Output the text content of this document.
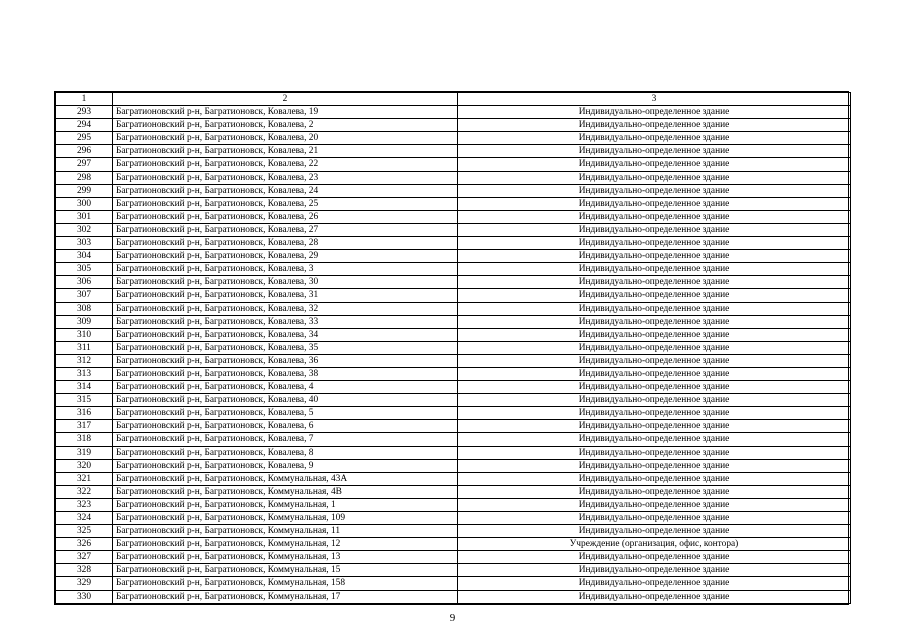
1	2	3
293	Багратионовский р-н, Багратионовск, Ковалева, 19	Индивидуально-определенное здание
294	Багратионовский р-н, Багратионовск, Ковалева, 2	Индивидуально-определенное здание
295	Багратионовский р-н, Багратионовск, Ковалева, 20	Индивидуально-определенное здание
296	Багратионовский р-н, Багратионовск, Ковалева, 21	Индивидуально-определенное здание
297	Багратионовский р-н, Багратионовск, Ковалева, 22	Индивидуально-определенное здание
298	Багратионовский р-н, Багратионовск, Ковалева, 23	Индивидуально-определенное здание
299	Багратионовский р-н, Багратионовск, Ковалева, 24	Индивидуально-определенное здание
300	Багратионовский р-н, Багратионовск, Ковалева, 25	Индивидуально-определенное здание
301	Багратионовский р-н, Багратионовск, Ковалева, 26	Индивидуально-определенное здание
302	Багратионовский р-н, Багратионовск, Ковалева, 27	Индивидуально-определенное здание
303	Багратионовский р-н, Багратионовск, Ковалева, 28	Индивидуально-определенное здание
304	Багратионовский р-н, Багратионовск, Ковалева, 29	Индивидуально-определенное здание
305	Багратионовский р-н, Багратионовск, Ковалева, 3	Индивидуально-определенное здание
306	Багратионовский р-н, Багратионовск, Ковалева, 30	Индивидуально-определенное здание
307	Багратионовский р-н, Багратионовск, Ковалева, 31	Индивидуально-определенное здание
308	Багратионовский р-н, Багратионовск, Ковалева, 32	Индивидуально-определенное здание
309	Багратионовский р-н, Багратионовск, Ковалева, 33	Индивидуально-определенное здание
310	Багратионовский р-н, Багратионовск, Ковалева, 34	Индивидуально-определенное здание
311	Багратионовский р-н, Багратионовск, Ковалева, 35	Индивидуально-определенное здание
312	Багратионовский р-н, Багратионовск, Ковалева, 36	Индивидуально-определенное здание
313	Багратионовский р-н, Багратионовск, Ковалева, 38	Индивидуально-определенное здание
314	Багратионовский р-н, Багратионовск, Ковалева, 4	Индивидуально-определенное здание
315	Багратионовский р-н, Багратионовск, Ковалева, 40	Индивидуально-определенное здание
316	Багратионовский р-н, Багратионовск, Ковалева, 5	Индивидуально-определенное здание
317	Багратионовский р-н, Багратионовск, Ковалева, 6	Индивидуально-определенное здание
318	Багратионовский р-н, Багратионовск, Ковалева, 7	Индивидуально-определенное здание
319	Багратионовский р-н, Багратионовск, Ковалева, 8	Индивидуально-определенное здание
320	Багратионовский р-н, Багратионовск, Ковалева, 9	Индивидуально-определенное здание
321	Багратионовский р-н, Багратионовск, Коммунальная, 43А	Индивидуально-определенное здание
322	Багратионовский р-н, Багратионовск, Коммунальная, 4В	Индивидуально-определенное здание
323	Багратионовский р-н, Багратионовск, Коммунальная, 1	Индивидуально-определенное здание
324	Багратионовский р-н, Багратионовск, Коммунальная, 109	Индивидуально-определенное здание
325	Багратионовский р-н, Багратионовск, Коммунальная, 11	Индивидуально-определенное здание
326	Багратионовский р-н, Багратионовск, Коммунальная, 12	Учреждение (организация, офис, контора)
327	Багратионовский р-н, Багратионовск, Коммунальная, 13	Индивидуально-определенное здание
328	Багратионовский р-н, Багратионовск, Коммунальная, 15	Индивидуально-определенное здание
329	Багратионовский р-н, Багратионовск, Коммунальная, 158	Индивидуально-определенное здание
330	Багратионовский р-н, Багратионовск, Коммунальная, 17	Индивидуально-определенное здание
9
